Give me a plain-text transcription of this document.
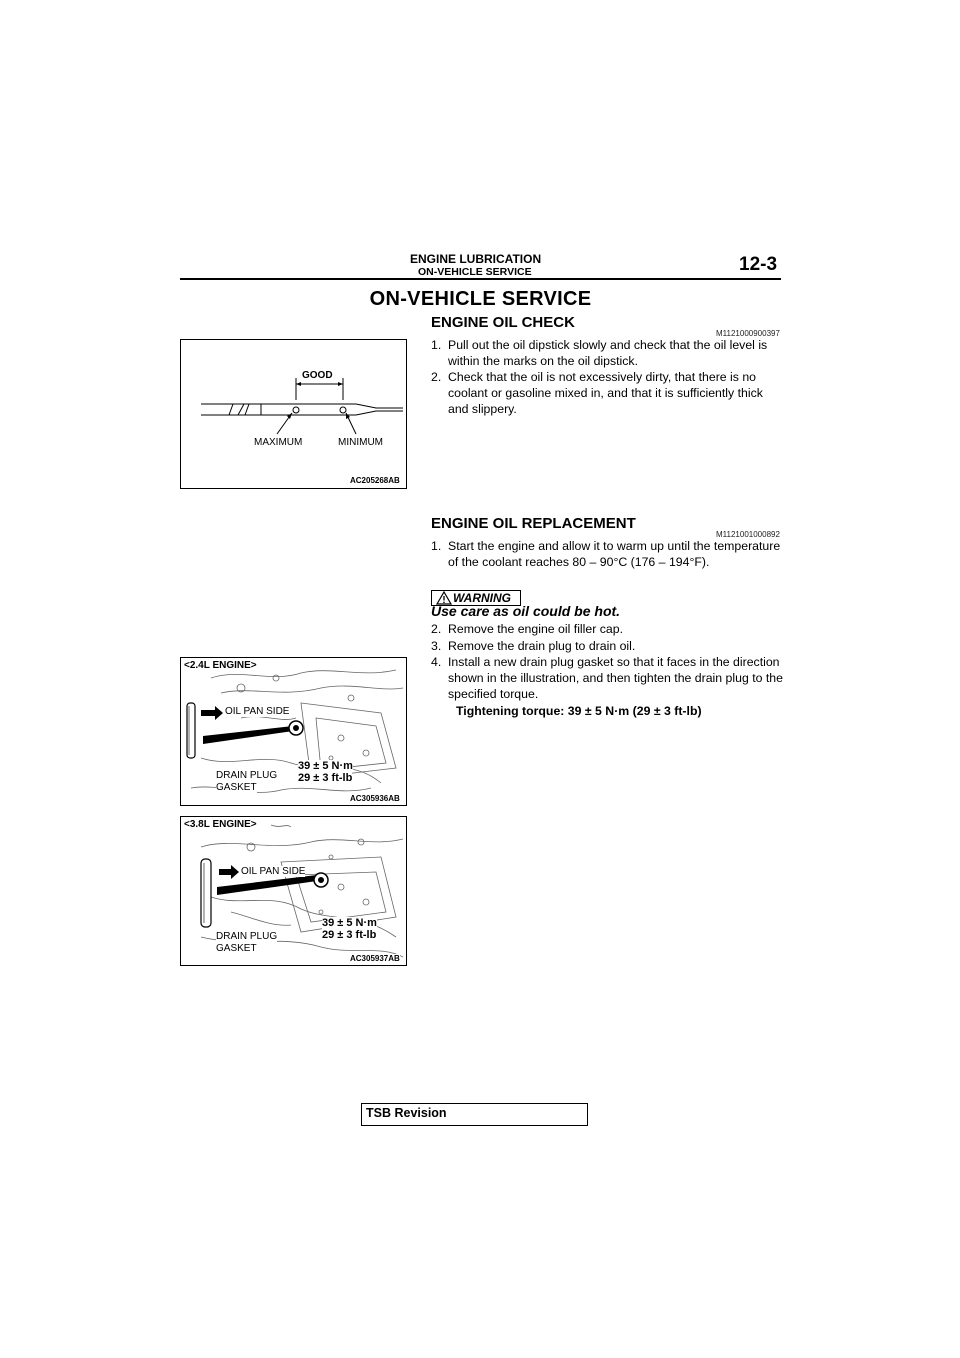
ENGINE LUBRICATION
ON-VEHICLE SERVICE	12-3
ON-VEHICLE SERVICE
ENGINE OIL CHECK
M1121000900397
1. Pull out the oil dipstick slowly and check that the oil level is within the marks on the oil dipstick.
2. Check that the oil is not excessively dirty, that there is no coolant or gasoline mixed in, and that it is sufficiently thick and slippery.
GOOD
MAXIMUM	MINIMUM
AC205268AB
ENGINE OIL REPLACEMENT
M1121001000892
1. Start the engine and allow it to warm up until the temperature of the coolant reaches 80 – 90°C (176 – 194°F).
WARNING
Use care as oil could be hot.
2. Remove the engine oil filler cap.
3. Remove the drain plug to drain oil.
4. Install a new drain plug gasket so that it faces in the direction shown in the illustration, and then tighten the drain plug to the specified torque.
Tightening torque: 39 ± 5 N·m (29 ± 3 ft-lb)
<2.4L ENGINE>
OIL PAN SIDE
DRAIN PLUG
GASKET
39 ± 5 N·m
29 ± 3 ft-lb
AC305936AB
<3.8L ENGINE>
OIL PAN SIDE
DRAIN PLUG
GASKET
39 ± 5 N·m
29 ± 3 ft-lb
AC305937AB
TSB Revision
